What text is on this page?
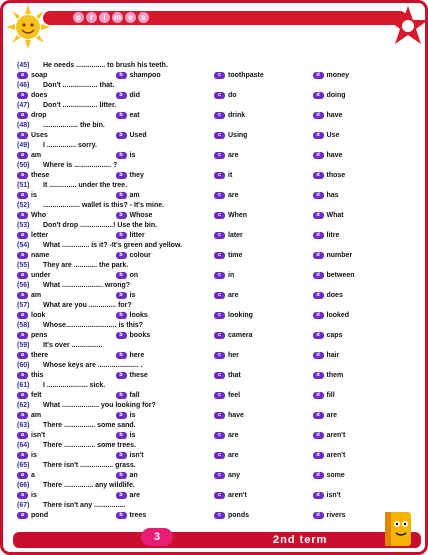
p	r	i	m e	s
(45)	He needs ............... to brush his teeth.
a soap	b shampoo	c toothpaste	d money
(46)	Don't .................. that.
a does	b did	c do	d doing
(47)	Don't .................. litter.
a drop	b eat	c drink	d have
(48)	.................. the bin.
a Uses	b Used	c Using	d Use
(49)	I ............... sorry.
a am	b is	c are	d have
(50)	Where is ................... ?
a these	b they	c it	d those
(51)	It .............. under the tree.
a is	b am	c are	d has
(52)	................... wallet is this? - It's mine.
a Who	b Whose	c When	d What
(53)	Don't drop .................! Use the bin.
a letter	b litter	c later	d litre
(54)	What .............. is it? -It's green and yellow.
a name	b colour	c time	d number
(55)	They are ............ the park.
a under	b on	c in	d between
(56)	What ..................... wrong?
a am	b is	c are	d does
(57)	What are you .............. for?
a look	b looks	c looking	d looked
(58)	Whose.......................... is this?
a pens	b books	c camera	d caps
(59)	It's over ................
a there	b here	c her	d hair
(60)	Whose keys are ..................... .
a this	b these	c that	d them
(61)	I ..................... sick.
a felt	b fall	c feel	d fill
(62)	What ................... you looking for?
a am	b is	c have	d are
(63)	There ................ some sand.
a isn't	b is	c are	d aren't
(64)	There ................ some trees.
a is	b isn't	c are	d aren't
(65)	There isn't ................. grass.
a a	b an	c any	d some
(66)	There ............... any wildlife.
a is	b are	c aren't	d isn't
(67)	There isn't any ................
a pond	b trees	c ponds	d rivers
3	2nd term
